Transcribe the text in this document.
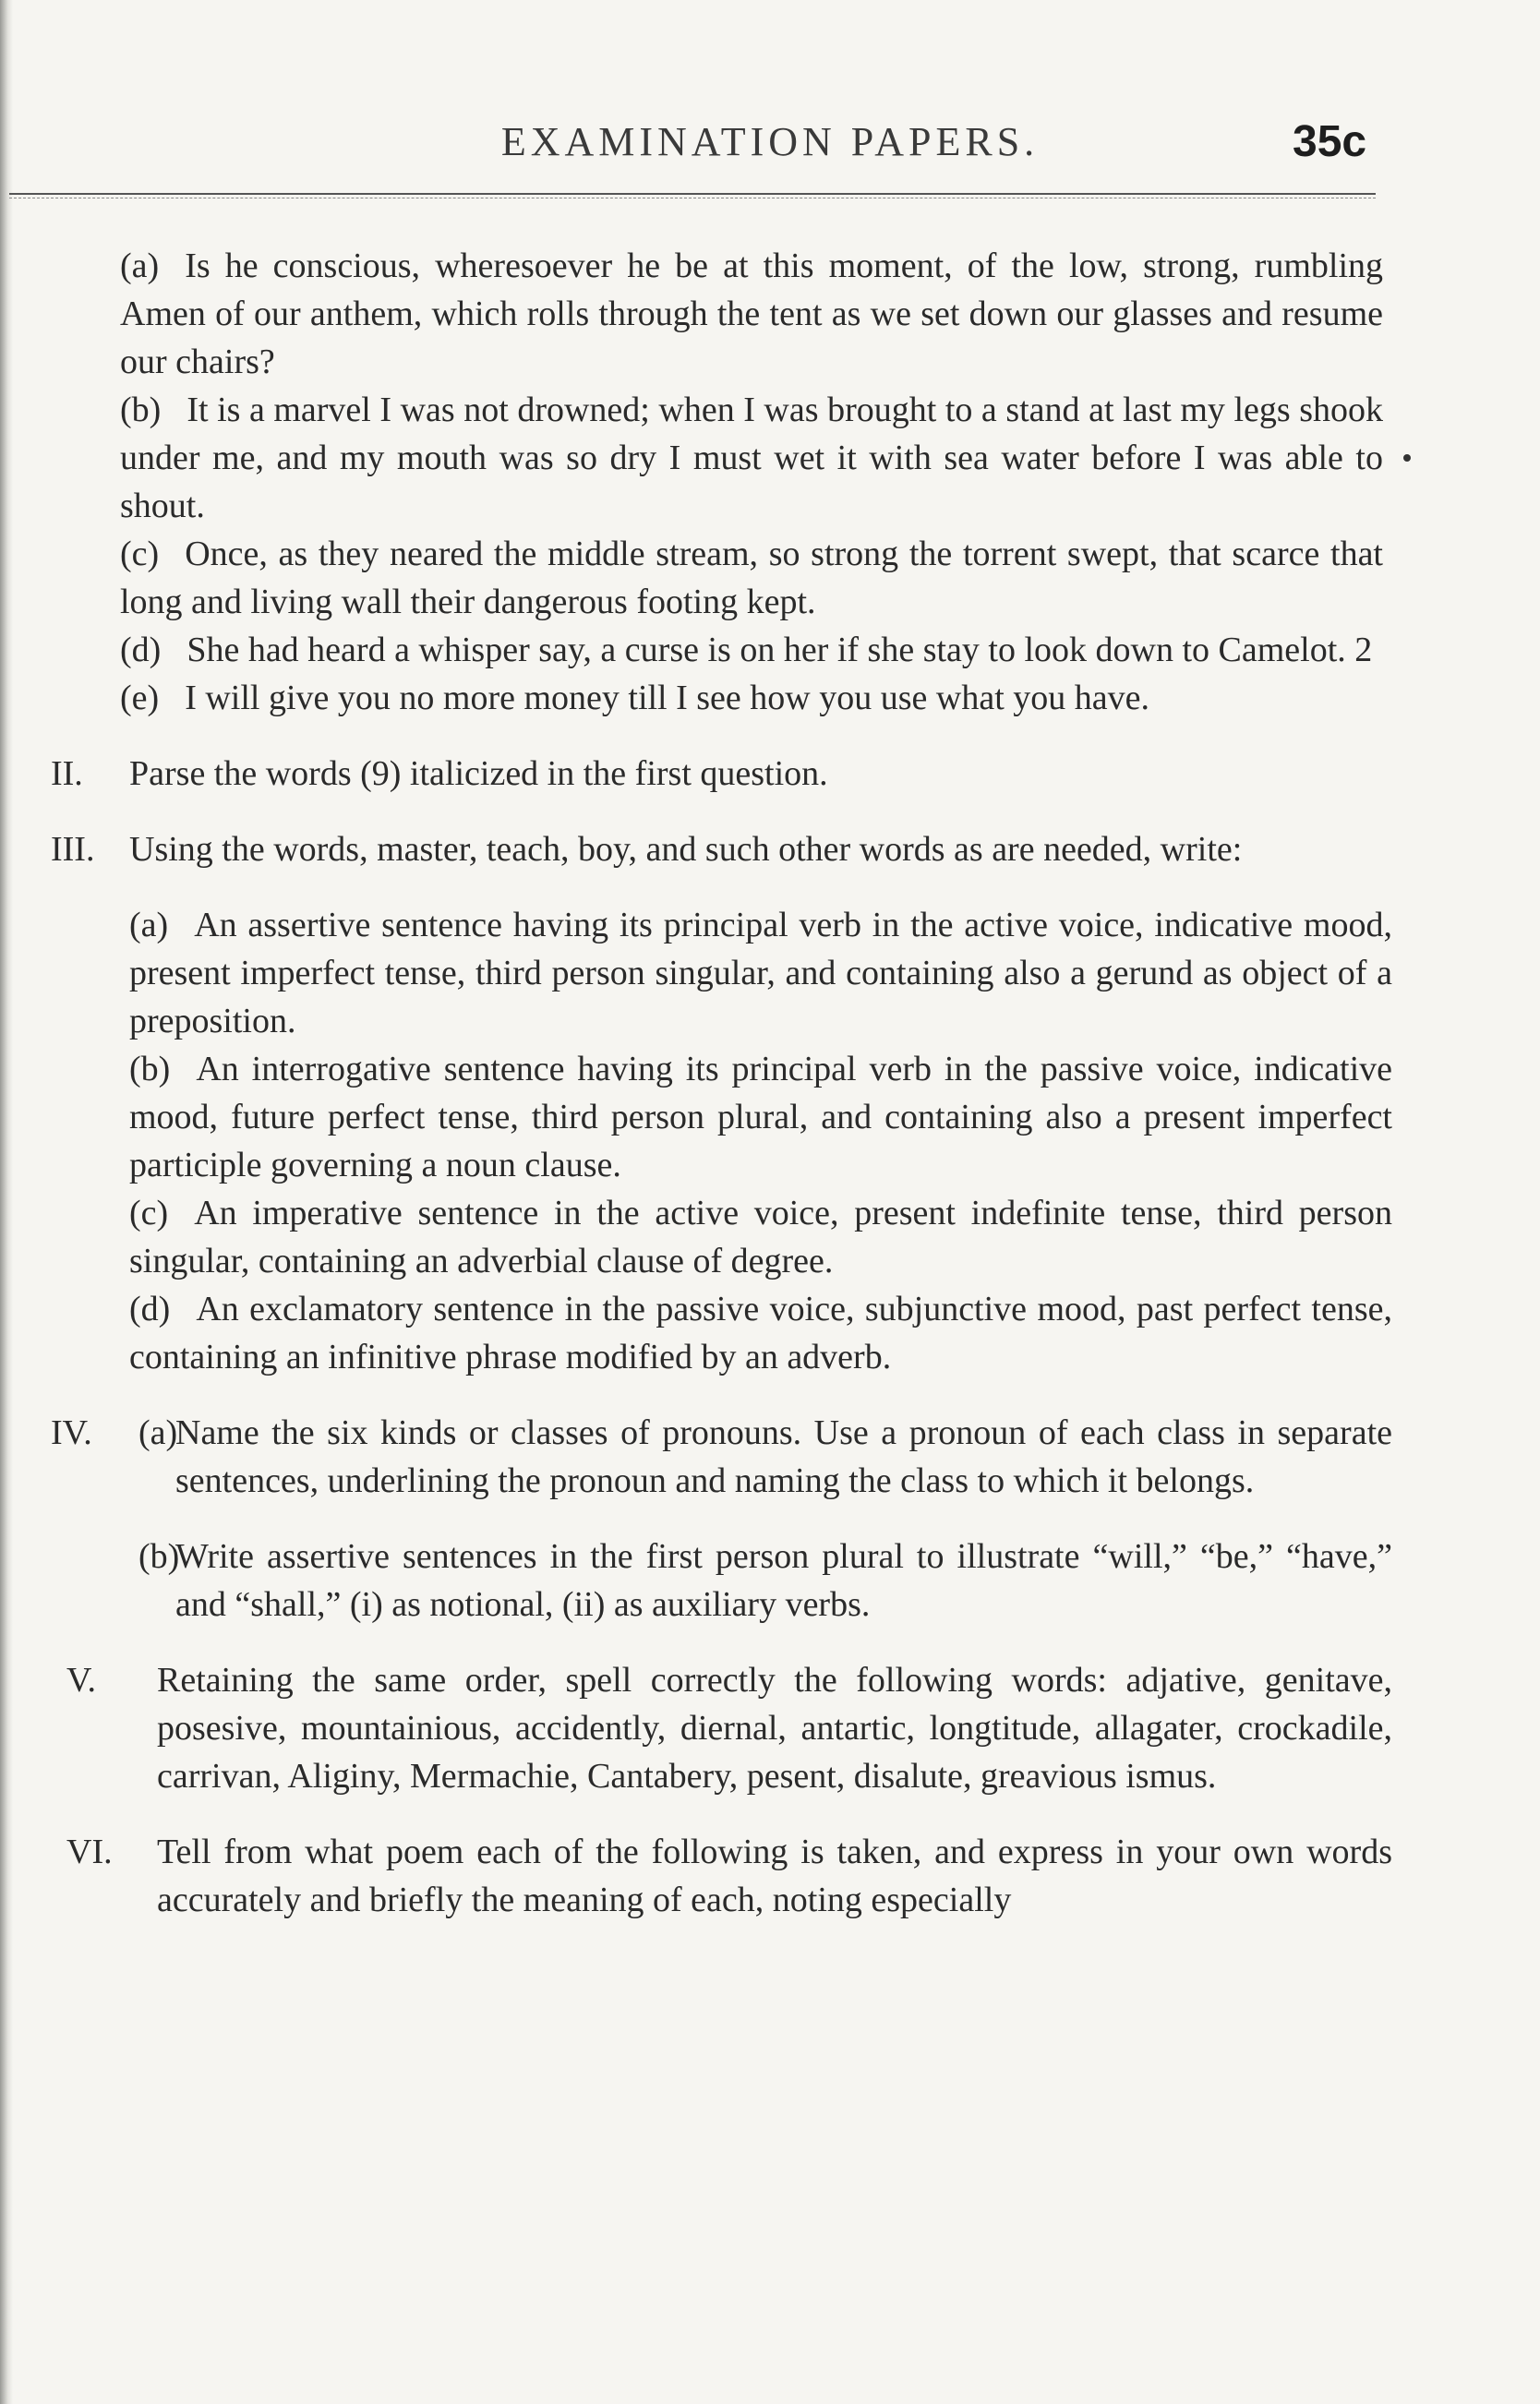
EXAMINATION PAPERS.	35c

(a) Is he conscious, wheresoever he be at this moment, of the low, strong, rumbling Amen of our anthem, which rolls through the tent as we set down our glasses and resume our chairs?

(b) It is a marvel I was not drowned; when I was brought to a stand at last my legs shook under me, and my mouth was so dry I must wet it with sea water before I was able to shout.

(c) Once, as they neared the middle stream, so strong the torrent swept, that scarce that long and living wall their dangerous footing kept.

(d) She had heard a whisper say, a curse is on her if she stay to look down to Camelot. 2

(e) I will give you no more money till I see how you use what you have.

II. Parse the words (9) italicized in the first question.
III. Using the words, master, teach, boy, and such other words as are needed, write:

(a) An assertive sentence having its principal verb in the active voice, indicative mood, present imperfect tense, third person singular, and containing also a gerund as object of a preposition.

(b) An interrogative sentence having its principal verb in the passive voice, indicative mood, future perfect tense, third person plural, and containing also a present imperfect participle governing a noun clause.

(c) An imperative sentence in the active voice, present indefinite tense, third person singular, containing an adverbial clause of degree.

(d) An exclamatory sentence in the passive voice, subjunctive mood, past perfect tense, containing an infinitive phrase modified by an adverb.

IV. (a)
Name the six kinds or classes of pronouns. Use a pronoun of each class in separate sentences, underlining the pronoun and naming the class to which it belongs.

(b)
Write assertive sentences in the first person plural to illustrate “will,” “be,” “have,” and “shall,” (i) as notional, (ii) as auxiliary verbs.

V. Retaining the same order, spell correctly the following words: adjative, genitave, posesive, mountainious, accidently, diernal, antartic, longtitude, allagater, crockadile, carrivan, Aliginy, Mermachie, Cantabery, pesent, disalute, greavious ismus.
VI. Tell from what poem each of the following is taken, and express in your own words accurately and briefly the meaning of each, noting especially
